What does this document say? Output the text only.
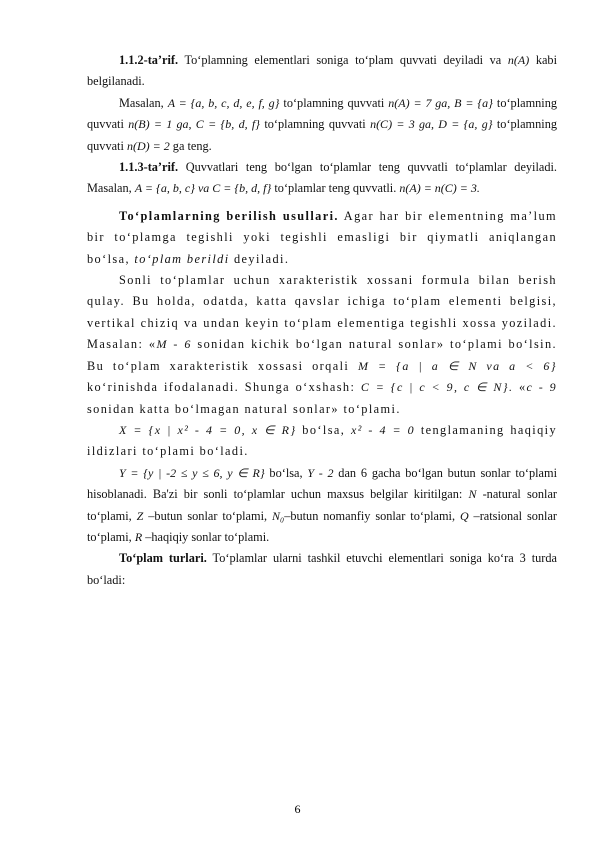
1.1.2-ta’rif. To‘plamning elementlari soniga to‘plam quvvati deyiladi va n(A) kabi belgilanadi.

Masalan, A = {a, b, c, d, e, f, g} to‘plamning quvvati n(A) = 7 ga, B = {a} to‘plamning quvvati n(B) = 1 ga, C = {b, d, f} to‘plamning quvvati n(C) = 3 ga, D = {a, g} to‘plamning quvvati n(D) = 2 ga teng.

1.1.3-ta’rif. Quvvatlari teng bo‘lgan to‘plamlar teng quvvatli to‘plamlar deyiladi. Masalan, A = {a, b, c} va C = {b, d, f} to‘plamlar teng quvvatli. n(A) = n(C) = 3.

To‘plamlarning berilish usullari. Agar har bir elementning ma’lum bir to‘plamga tegishli yoki tegishli emasligi bir qiymatli aniqlangan bo‘lsa, to‘plam berildi deyiladi.

Sonli to‘plamlar uchun xarakteristik xossani formula bilan berish qulay. Bu holda, odatda, katta qavslar ichiga to‘plam elementi belgisi, vertikal chiziq va undan keyin to‘plam elementiga tegishli xossa yoziladi. Masalan: «M - 6 sonidan kichik bo‘lgan natural sonlar» to‘plami bo‘lsin. Bu to‘plam xarakteristik xossasi orqali M = {a | a ∈ N va a < 6} ko‘rinishda ifodalanadi. Shunga o‘xshash: C = {c | c < 9, c ∈ N}. «c - 9 sonidan katta bo‘lmagan natural sonlar» to‘plami.

X = {x | x² - 4 = 0, x ∈ R} bo‘lsa, x² - 4 = 0 tenglamaning haqiqiy ildizlari to‘plami bo‘ladi.

Y = {y | -2 ≤ y ≤ 6, y ∈ R} bo‘lsa, Y - 2 dan 6 gacha bo‘lgan butun sonlar to‘plami hisoblanadi. Ba'zi bir sonli to‘plamlar uchun maxsus belgilar kiritilgan: N -natural sonlar to‘plami, Z –butun sonlar to‘plami, N₀–butun nomanfiy sonlar to‘plami, Q –ratsional sonlar to‘plami, R –haqiqiy sonlar to‘plami.

To‘plam turlari. To‘plamlar ularni tashkil etuvchi elementlari soniga ko‘ra 3 turda bo‘ladi:

6
